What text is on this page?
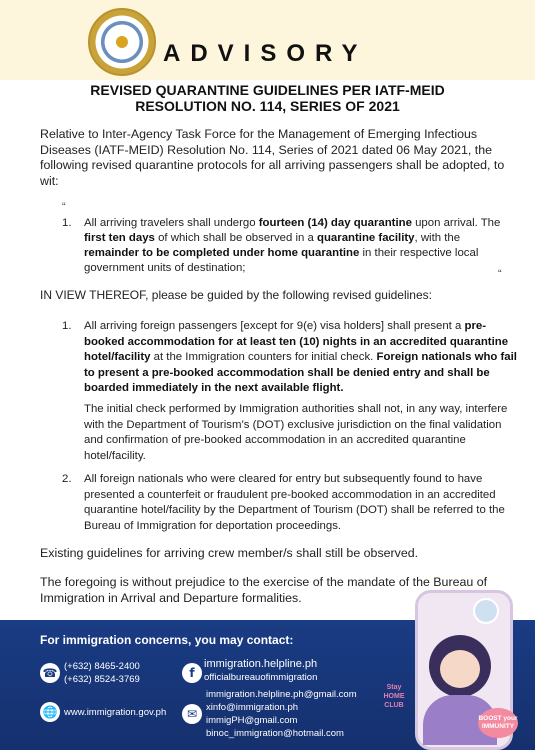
ADVISORY
REVISED QUARANTINE GUIDELINES PER IATF-MEID
RESOLUTION NO. 114, SERIES OF 2021
Relative to Inter-Agency Task Force for the Management of Emerging Infectious Diseases (IATF-MEID) Resolution No. 114, Series of 2021 dated 06 May 2021, the following revised quarantine protocols for all arriving passengers shall be adopted, to wit:
“
1. All arriving travelers shall undergo fourteen (14) day quarantine upon arrival. The first ten days of which shall be observed in a quarantine facility, with the remainder to be completed under home quarantine in their respective local government units of destination;	“
IN VIEW THEREOF, please be guided by the following revised guidelines:
1. All arriving foreign passengers [except for 9(e) visa holders] shall present a pre-booked accommodation for at least ten (10) nights in an accredited quarantine hotel/facility at the Immigration counters for initial check. Foreign nationals who fail to present a pre-booked accommodation shall be denied entry and shall be boarded immediately in the next available flight.
The initial check performed by Immigration authorities shall not, in any way, interfere with the Department of Tourism’s (DOT) exclusive jurisdiction on the final validation and confirmation of pre-booked accommodation in an accredited quarantine hotel/facility.
2. All foreign nationals who were cleared for entry but subsequently found to have presented a counterfeit or fraudulent pre-booked accommodation in an accredited quarantine hotel/facility by the Department of Tourism (DOT) shall be referred to the Bureau of Immigration for deportation proceedings.
Existing guidelines for arriving crew member/s shall still be observed.
The foregoing is without prejudice to the exercise of the mandate of the Bureau of Immigration in Arrival and Departure formalities.
For immigration concerns, you may contact:
☎ (+632) 8465-2400
(+632) 8524-3769
🌐 www.immigration.gov.ph
f
immigration.helpline.ph
officialbureauofimmigration
✉
immigration.helpline.ph@gmail.com
xinfo@immigration.ph
immigPH@gmail.com
binoc_immigration@hotmail.com
Stay HOME CLUB
BOOST your IMMUNITY
